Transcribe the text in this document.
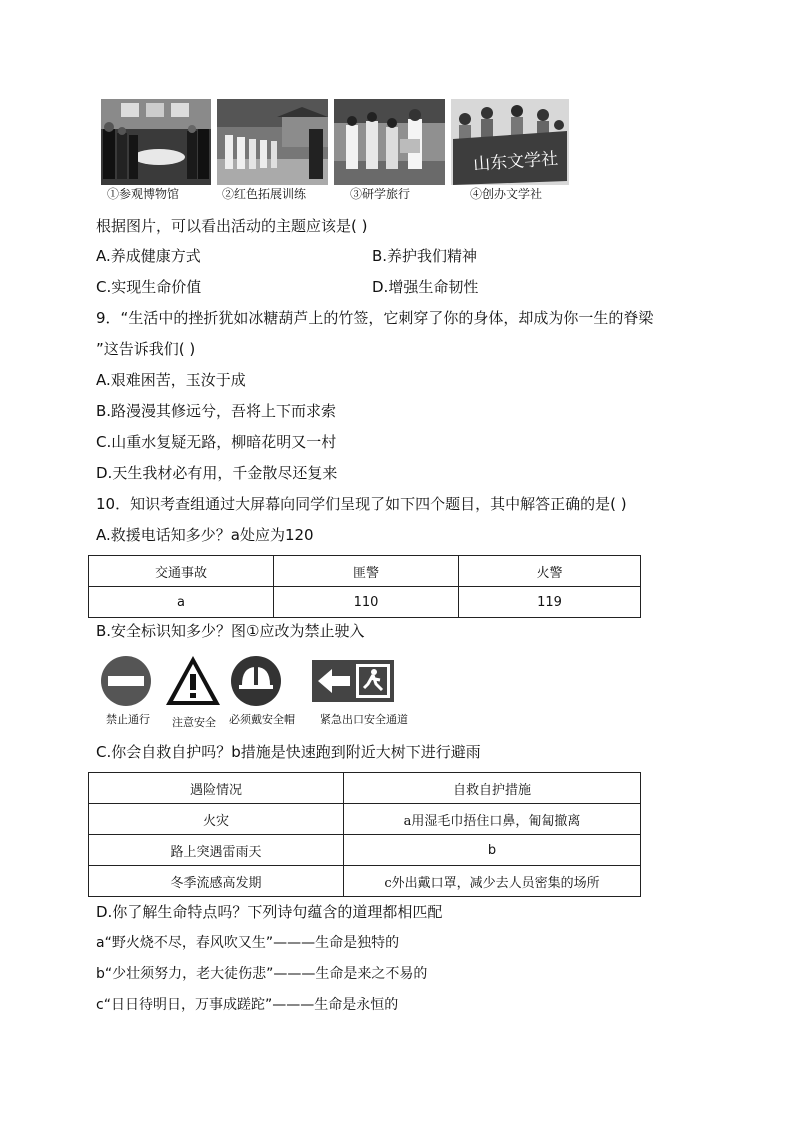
山东文学社
①参观博物馆	②红色拓展训练	③研学旅行	④创办文学社
根据图片，可以看出活动的主题应该是( )
A.养成健康方式	B.养护我们精神
C.实现生命价值	D.增强生命韧性
9．“生活中的挫折犹如冰糖葫芦上的竹签，它刺穿了你的身体，却成为你一生的脊梁
”这告诉我们( )
A.艰难困苦，玉汝于成
B.路漫漫其修远兮，吾将上下而求索
C.山重水复疑无路，柳暗花明又一村
D.天生我材必有用，千金散尽还复来
10．知识考查组通过大屏幕向同学们呈现了如下四个题目，其中解答正确的是( )
A.救援电话知多少？a处应为120
交通事故	匪警	火警
a	110	119
B.安全标识知多少？图①应改为禁止驶入
禁止通行 注意安全 必须戴安全帽 紧急出口安全通道
C.你会自救自护吗？b措施是快速跑到附近大树下进行避雨
遇险情况	自救自护措施
火灾	a用湿毛巾捂住口鼻，匍匐撤离
路上突遇雷雨天	b
冬季流感高发期	c外出戴口罩，减少去人员密集的场所
D.你了解生命特点吗？下列诗句蕴含的道理都相匹配
a“野火烧不尽，春风吹又生”———生命是独特的
b“少壮须努力，老大徒伤悲”———生命是来之不易的
c“日日待明日，万事成蹉跎”———生命是永恒的
